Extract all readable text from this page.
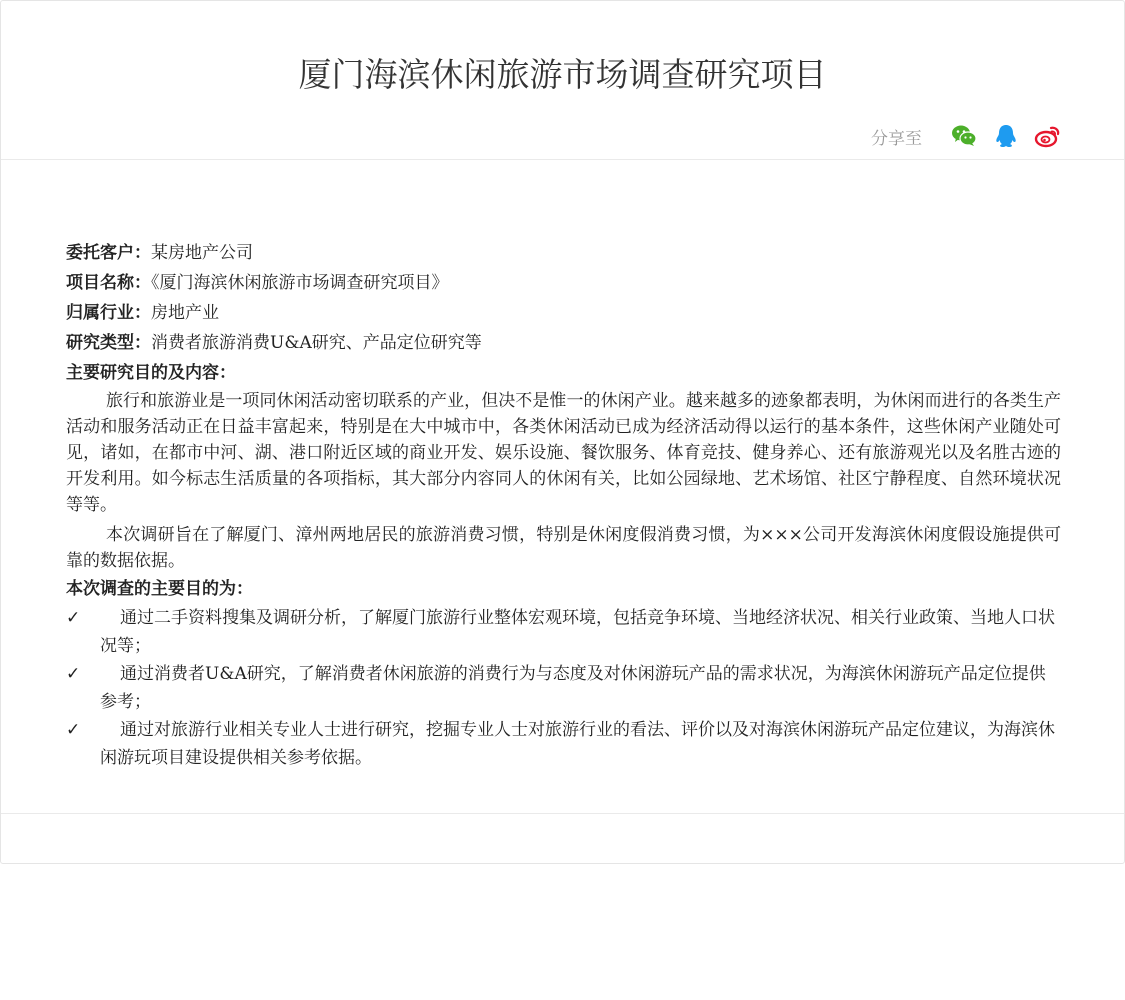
厦门海滨休闲旅游市场调查研究项目
分享至

委托客户：某房地产公司

项目名称：《厦门海滨休闲旅游市场调查研究项目》

归属行业：房地产业

研究类型：消费者旅游消费U&A研究、产品定位研究等

主要研究目的及内容：

旅行和旅游业是一项同休闲活动密切联系的产业，但决不是惟一的休闲产业。越来越多的迹象都表明，为休闲而进行的各类生产活动和服务活动正在日益丰富起来，特别是在大中城市中，各类休闲活动已成为经济活动得以运行的基本条件，这些休闲产业随处可见，诸如，在都市中河、湖、港口附近区域的商业开发、娱乐设施、餐饮服务、体育竞技、健身养心、还有旅游观光以及名胜古迹的开发利用。如今标志生活质量的各项指标，其大部分内容同人的休闲有关，比如公园绿地、艺术场馆、社区宁静程度、自然环境状况等等。

本次调研旨在了解厦门、漳州两地居民的旅游消费习惯，特别是休闲度假消费习惯，为×××公司开发海滨休闲度假设施提供可靠的数据依据。

本次调查的主要目的为：

✓	通过二手资料搜集及调研分析，了解厦门旅游行业整体宏观环境，包括竞争环境、当地经济状况、相关行业政策、当地人口状况等；
✓	通过消费者U&A研究，了解消费者休闲旅游的消费行为与态度及对休闲游玩产品的需求状况，为海滨休闲游玩产品定位提供参考；
✓	通过对旅游行业相关专业人士进行研究，挖掘专业人士对旅游行业的看法、评价以及对海滨休闲游玩产品定位建议，为海滨休闲游玩项目建设提供相关参考依据。
